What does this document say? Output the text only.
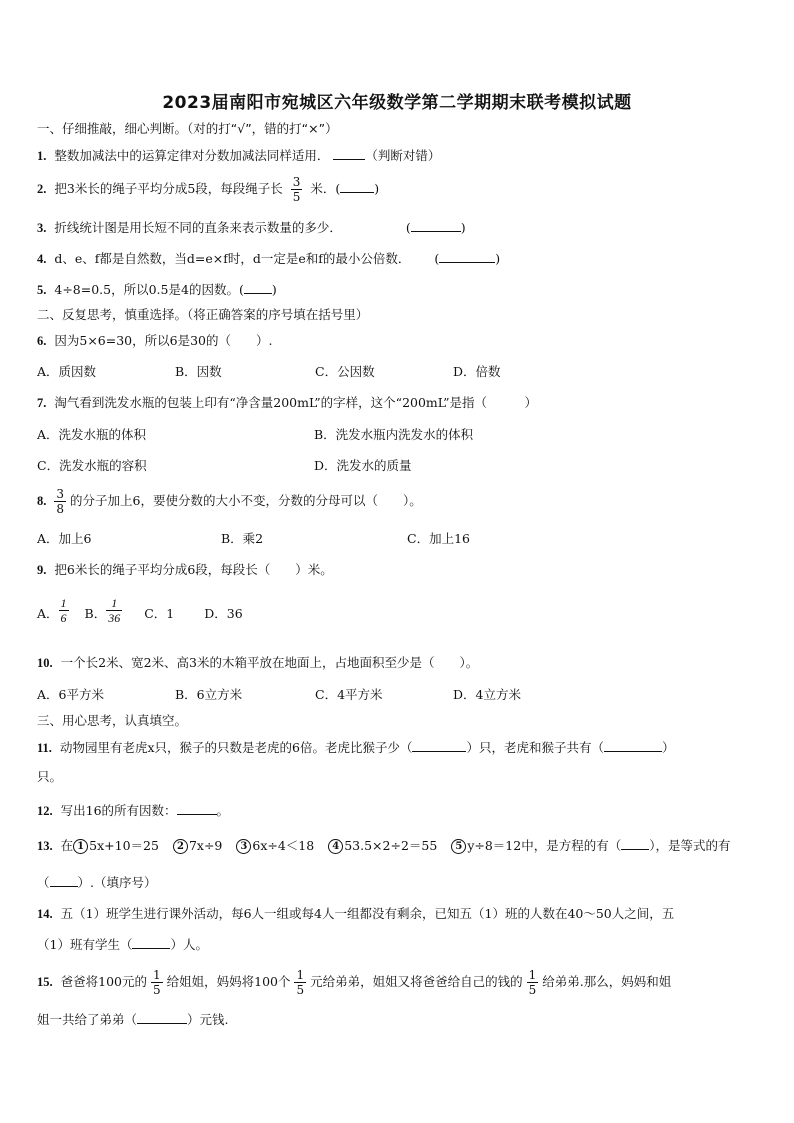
2023届南阳市宛城区六年级数学第二学期期末联考模拟试题
一、仔细推敲，细心判断。（对的打“√”，错的打“×”）
1. 整数加减法中的运算定律对分数加减法同样适用．	（判断对错）
2. 把3米长的绳子平均分成5段，每段绳子长 $\frac{3}{5}$ 米．(	)
3. 折线统计图是用长短不同的直条来表示数量的多少．	(	)
4. d、e、f都是自然数，当d=e×f时，d一定是e和f的最小公倍数． (	)
5. 4÷8=0.5，所以0.5是4的因数。( )
二、反复思考，慎重选择。（将正确答案的序号填在括号里）
6. 因为5×6=30，所以6是30的（　　）.
A．质因数	B．因数	C．公因数	D．倍数
7. 淘气看到洗发水瓶的包装上印有“净含量200mL”的字样，这个“200mL”是指（　　　）
A．洗发水瓶的体积	B．洗发水瓶内洗发水的体积
C．洗发水瓶的容积	D．洗发水的质量
8. $\frac{3}{8}$ 的分子加上6，要使分数的大小不变，分数的分母可以（　　）。
A．加上6	B．乘2	C．加上16
9. 把6米长的绳子平均分成6段，每段长（　　）米。
A． $\frac{1}{6}$ B． $\frac{1}{36}$ C．1 D．36
10. 一个长2米、宽2米、高3米的木箱平放在地面上，占地面积至少是（　　）。
A．6平方米	B．6立方米	C．4平方米	D．4立方米
三、用心思考，认真填空。
11. 动物园里有老虎x只，猴子的只数是老虎的6倍。老虎比猴子少（	）只，老虎和猴子共有（	）
只。
12. 写出16的所有因数：	。
13. 在 1 5x+10＝25 2 7x÷9 3 6x÷4＜18 4 53.5×2÷2＝55 5 y÷8＝12中，是方程的有（ ），是等式的有
（ ）.（填序号）
14. 五（1）班学生进行课外活动，每6人一组或每4人一组都没有剩余，已知五（1）班的人数在40～50人之间，五
（1）班有学生（	）人。
15. 爸爸将100元的 $\frac{1}{5}$ 给姐姐，妈妈将100个 $\frac{1}{5}$ 元给弟弟，姐姐又将爸爸给自己的钱的 $\frac{1}{5}$ 给弟弟.那么，妈妈和姐
姐一共给了弟弟（	）元钱.
